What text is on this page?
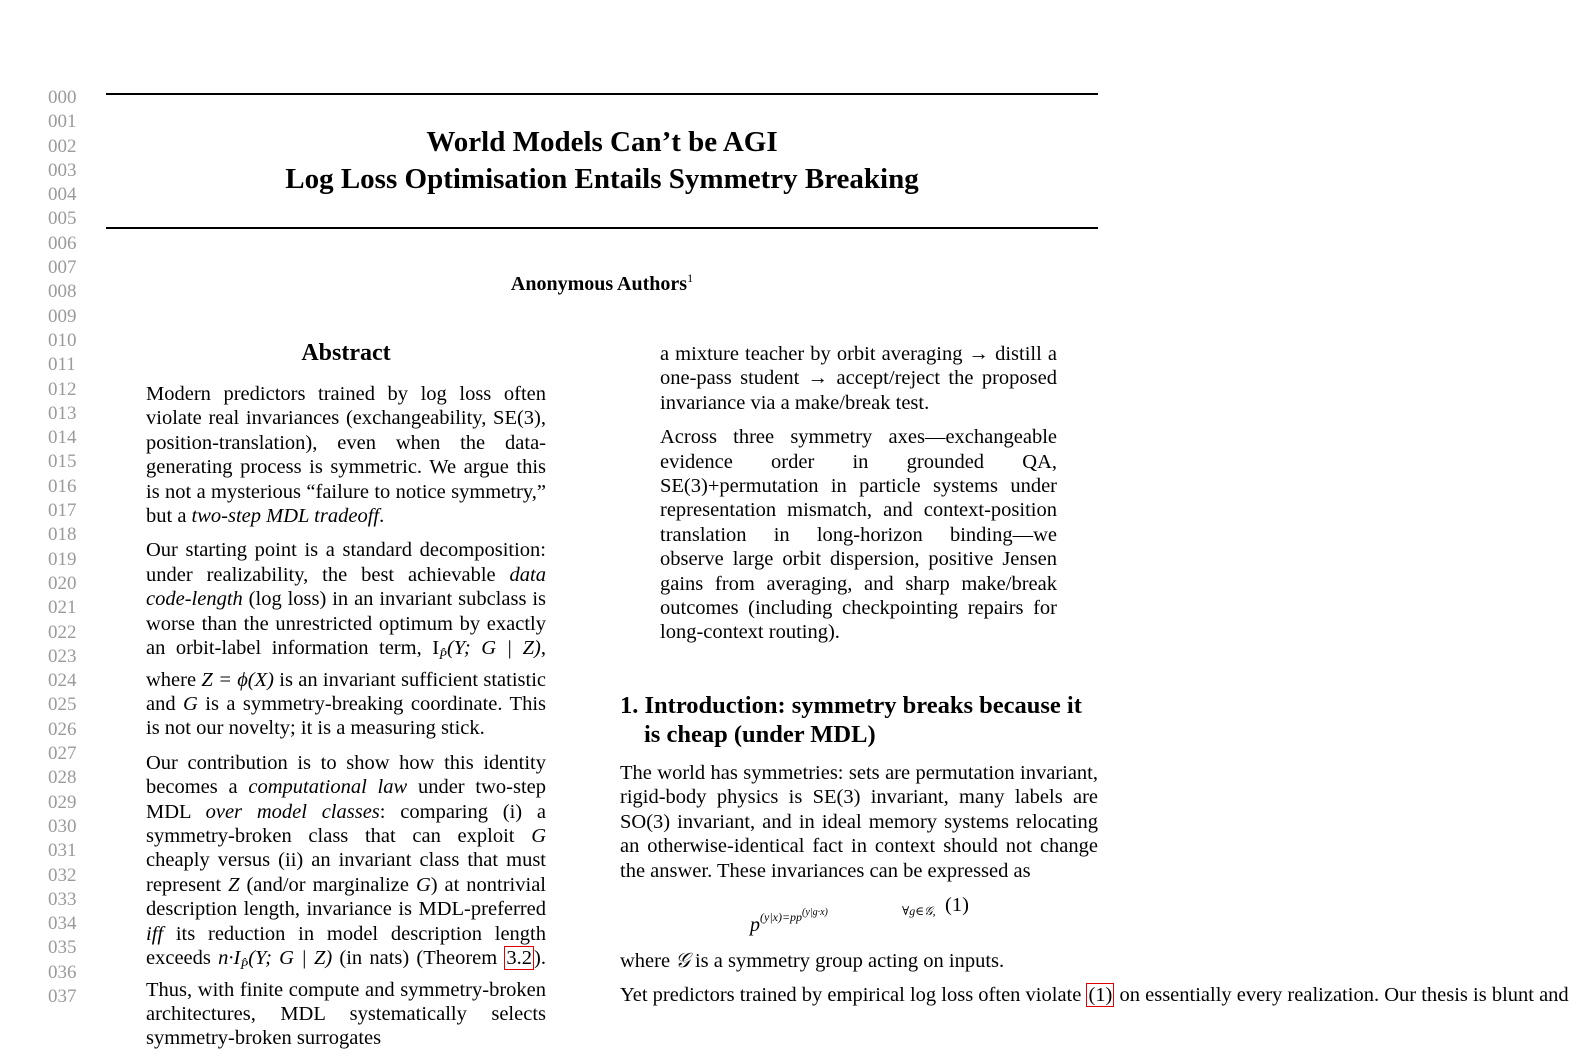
000
001
002
003
004
005
006
007
008
009
010
011
012
013
014
015
016
017
018
019
020
021
022
023
024
025
026
027
028
029
030
031
032
033
034
035
036
037
World Models Can’t be AGI
Log Loss Optimisation Entails Symmetry Breaking
Anonymous Authors$^1$
Abstract

Modern predictors trained by log loss often violate real invariances (exchangeability, SE(3), position-translation), even when the data-generating process is symmetric. We argue this is not a mysterious “failure to notice symmetry,” but a two-step MDL tradeoff.

Our starting point is a standard decomposition: under realizability, the best achievable data code-length (log loss) in an invariant subclass is worse than the unrestricted optimum by exactly an orbit-label information term, $I_{P̂}(Y$; G | Z), where Z = ϕ(X) is an invariant sufficient statistic and G is a symmetry-breaking coordinate. This is not our novelty; it is a measuring stick.

Our contribution is to show how this identity becomes a computational law under two-step MDL over model classes: comparing (i) a symmetry-broken class that can exploit G cheaply versus (ii) an invariant class that must represent Z (and/or marginalize G) at nontrivial description length, invariance is MDL-preferred iff its reduction in model description length exceeds $n\cdot I_{P̂}(Y$; G | Z) (in nats) (Theorem 3.2). Thus, with finite compute and symmetry-broken architectures, MDL systematically selects symmetry-broken surrogates

a mixture teacher by orbit averaging → distill a one-pass student → accept/reject the proposed invariance via a make/break test.

Across three symmetry axes—exchangeable evidence order in grounded QA, SE(3)+permutation in particle systems under representation mismatch, and context-position translation in long-horizon binding—we observe large orbit dispersion, positive Jensen gains from averaging, and sharp make/break outcomes (including checkpointing repairs for long-context routing).

1. Introduction: symmetry breaks because it is cheap (under MDL)

The world has symmetries: sets are permutation invariant, rigid-body physics is SE(3) invariant, many labels are SO(3) invariant, and in ideal memory systems relocating an otherwise-identical fact in context should not change the answer. These invariances can be expressed as

$p^{(y|x)=pp^{(y|g\cdot x)}}$	∀g∈𝒢, (1)

where 𝒢 is a symmetry group acting on inputs.

Yet predictors trained by empirical log loss often violate (1) on essentially every realization. Our thesis is blunt and
